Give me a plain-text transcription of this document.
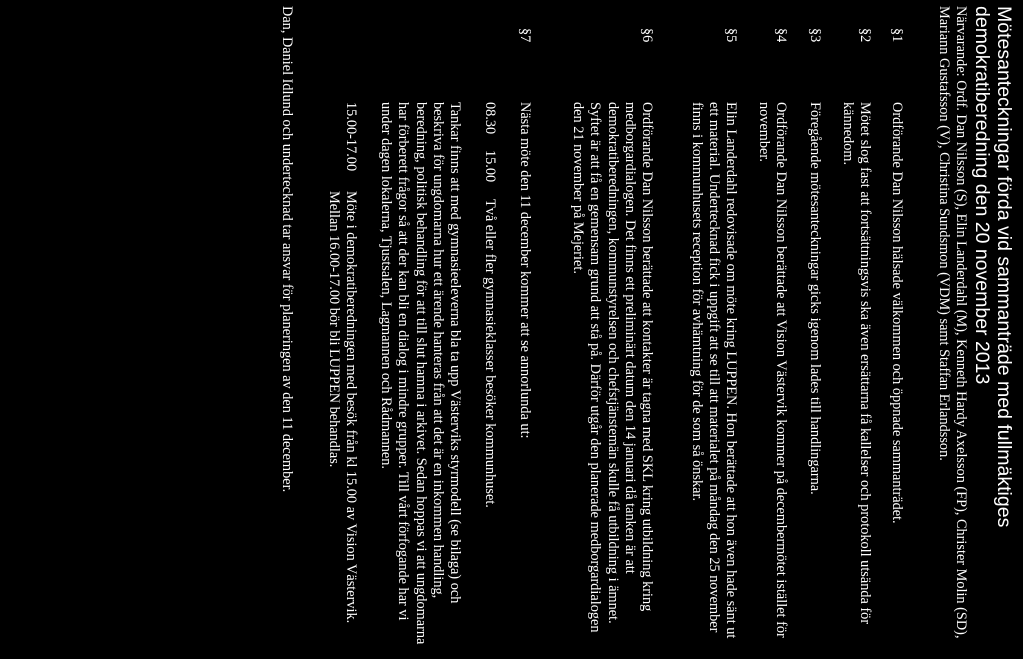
Mötesanteckningar förda vid sammanträde med fullmäktiges demokratiberedning den 20 november 2013

Närvarande: Ordf. Dan Nilsson (S), Elin Landerdahl (M), Kenneth Hardy Axelsson (FP), Christer Molin (SD), Mariann Gustafsson (V), Christina Sundsmon (VDM) samt Staffan Erlandsson.

§1

Ordförande Dan Nilsson hälsade välkommen och öppnade sammanträdet.

§2

Mötet slog fast att fortsättningsvis ska även ersättarna få kallelser och protokoll utsända för kännedom.

§3

Föregående mötesanteckningar gicks igenom lades till handlingarna.

§4

Ordförande Dan Nilsson berättade att Vision Västervik kommer på decembermötet istället för november.

§5

Elin Landerdahl redovisade om möte kring LUPPEN. Hon berättade att hon även hade sänt ut ett material. Undertecknad fick i uppgift att se till att materialet på måndag den 25 november finns i kommunhusets reception för avhämtning för de som så önskar.

§6

Ordförande Dan Nilsson berättade att kontakter är tagna med SKL kring utbildning kring medborgardialogen. Det finns ett preliminärt datum den 14 januari då tanken är att demokratiberedningen, kommunstyrelsen och chefstjänstemän skulle få utbildning i ämnet. Syftet är att få en gemensam grund att stå på. Därför utgår den planerade medborgardialogen den 21 november på Mejeriet.

§7

Nästa möte den 11 december kommer att se annorlunda ut:

08.30
15.00
Två eller fler gymnasieklasser besöker kommunhuset.

Tankar finns att med gymnasieeleverna bla ta upp Västerviks styrmodell (se bilaga) och beskriva för ungdomarna hur ett ärende hanteras från att det är en inkommen handling, beredning, politisk behandling för att till slut hamna i arkivet. Sedan hoppas vi att ungdomarna har förberett frågor så att der kan bli en dialog i mindre grupper. Till vårt förfogande har vi under dagen lokalerna, Tjustsalen, Lagmannen och Rådmannen.

15.00-17.00

Möte i demokratiberedningen med besök från kl 15.00 av Vision Västervik. Mellan 16.00-17.00 bör bli LUPPEN behandlas.

Dan, Daniel Idlund och undertecknad tar ansvar för planeringen av den 11 december.
